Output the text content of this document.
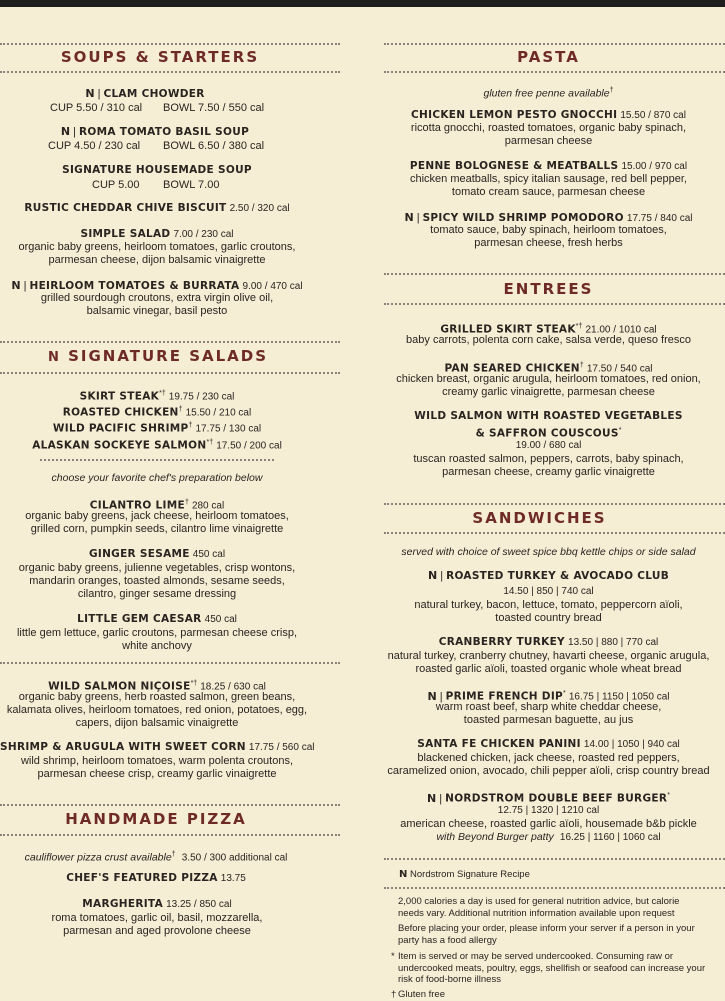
SOUPS & STARTERS
N | CLAM CHOWDER
CUP 5.50 / 310 cal BOWL 7.50 / 550 cal
N | ROMA TOMATO BASIL SOUP
CUP 4.50 / 230 cal BOWL 6.50 / 380 cal
SIGNATURE HOUSEMADE SOUP
CUP 5.00 BOWL 7.00
RUSTIC CHEDDAR CHIVE BISCUIT 2.50 / 320 cal
SIMPLE SALAD 7.00 / 230 cal
organic baby greens, heirloom tomatoes, garlic croutons,
parmesan cheese, dijon balsamic vinaigrette
N | HEIRLOOM TOMATOES & BURRATA 9.00 / 470 cal
grilled sourdough croutons, extra virgin olive oil,
balsamic vinegar, basil pesto
N SIGNATURE SALADS
SKIRT STEAK*† 19.75 / 230 cal
ROASTED CHICKEN† 15.50 / 210 cal
WILD PACIFIC SHRIMP† 17.75 / 130 cal
ALASKAN SOCKEYE SALMON*† 17.50 / 200 cal
choose your favorite chef's preparation below
CILANTRO LIME† 280 cal
organic baby greens, jack cheese, heirloom tomatoes,
grilled corn, pumpkin seeds, cilantro lime vinaigrette
GINGER SESAME 450 cal
organic baby greens, julienne vegetables, crisp wontons,
mandarin oranges, toasted almonds, sesame seeds,
cilantro, ginger sesame dressing
LITTLE GEM CAESAR 450 cal
little gem lettuce, garlic croutons, parmesan cheese crisp,
white anchovy
WILD SALMON NIÇOISE*† 18.25 / 630 cal
organic baby greens, herb roasted salmon, green beans,
kalamata olives, heirloom tomatoes, red onion, potatoes, egg,
capers, dijon balsamic vinaigrette
SHRIMP & ARUGULA WITH SWEET CORN 17.75 / 560 cal
wild shrimp, heirloom tomatoes, warm polenta croutons,
parmesan cheese crisp, creamy garlic vinaigrette
HANDMADE PIZZA
cauliflower pizza crust available† 3.50 / 300 additional cal
CHEF'S FEATURED PIZZA 13.75
MARGHERITA 13.25 / 850 cal
roma tomatoes, garlic oil, basil, mozzarella,
parmesan and aged provolone cheese
PASTA
gluten free penne available†
CHICKEN LEMON PESTO GNOCCHI 15.50 / 870 cal
ricotta gnocchi, roasted tomatoes, organic baby spinach,
parmesan cheese
PENNE BOLOGNESE & MEATBALLS 15.00 / 970 cal
chicken meatballs, spicy italian sausage, red bell pepper,
tomato cream sauce, parmesan cheese
N | SPICY WILD SHRIMP POMODORO 17.75 / 840 cal
tomato sauce, baby spinach, heirloom tomatoes,
parmesan cheese, fresh herbs
ENTREES
GRILLED SKIRT STEAK*† 21.00 / 1010 cal
baby carrots, polenta corn cake, salsa verde, queso fresco
PAN SEARED CHICKEN† 17.50 / 540 cal
chicken breast, organic arugula, heirloom tomatoes, red onion,
creamy garlic vinaigrette, parmesan cheese
WILD SALMON WITH ROASTED VEGETABLES
& SAFFRON COUSCOUS*
19.00 / 680 cal
tuscan roasted salmon, peppers, carrots, baby spinach,
parmesan cheese, creamy garlic vinaigrette
SANDWICHES
served with choice of sweet spice bbq kettle chips or side salad
N | ROASTED TURKEY & AVOCADO CLUB
14.50 | 850 | 740 cal
natural turkey, bacon, lettuce, tomato, peppercorn aïoli,
toasted country bread
CRANBERRY TURKEY 13.50 | 880 | 770 cal
natural turkey, cranberry chutney, havarti cheese, organic arugula,
roasted garlic aïoli, toasted organic whole wheat bread
N | PRIME FRENCH DIP* 16.75 | 1150 | 1050 cal
warm roast beef, sharp white cheddar cheese,
toasted parmesan baguette, au jus
SANTA FE CHICKEN PANINI 14.00 | 1050 | 940 cal
blackened chicken, jack cheese, roasted red peppers,
caramelized onion, avocado, chili pepper aïoli, crisp country bread
N | NORDSTROM DOUBLE BEEF BURGER*
12.75 | 1320 | 1210 cal
american cheese, roasted garlic aïoli, housemade b&b pickle
with Beyond Burger patty 16.25 | 1160 | 1060 cal
N Nordstrom Signature Recipe
2,000 calories a day is used for general nutrition advice, but calorie
needs vary. Additional nutrition information available upon request
Before placing your order, please inform your server if a person in your
party has a food allergy
* Item is served or may be served undercooked. Consuming raw or
undercooked meats, poultry, eggs, shellfish or seafood can increase your
risk of food-borne illness
† Gluten free
